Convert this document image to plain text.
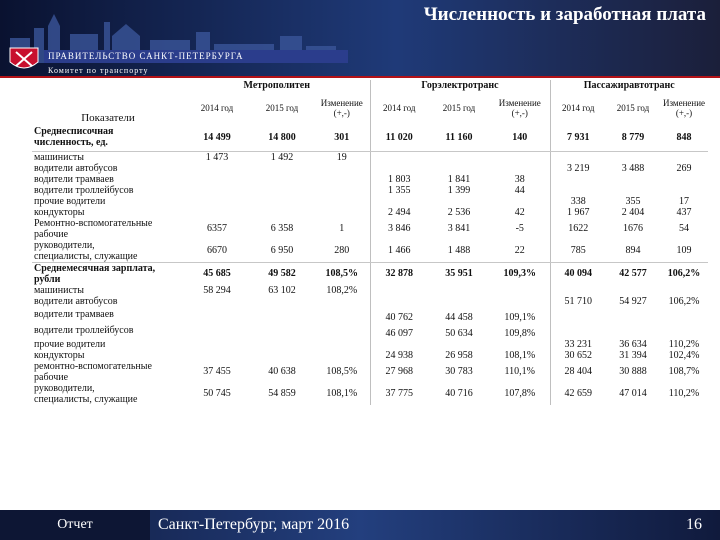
ПРАВИТЕЛЬСТВО САНКТ-ПЕТЕРБУРГА
Комитет по транспорту
Численность и заработная плата
	Метрополитен			Горэлектротранс			Пассажиравтотранс		
Показатели	2014 год	2015 год	Изменение (+,-)	2014 год	2015 год	Изменение (+,-)	2014 год	2015 год	Изменение (+,-)

Среднесписочная
численность, ед.	14 499	14 800	301	11 020	11 160	140	7 931	8 779	848

машинисты	1 473	1 492	19						

водители автобусов							3 219	3 488	269

водители трамваев				1 803	1 841	38			

водители троллейбусов				1 355	1 399	44			

прочие водители							338	355	17

кондукторы				2 494	2 536	42	1 967	2 404	437

Ремонтно-вспомогательные
рабочие	6357	6 358	1	3 846	3 841	-5	1622	1676	54

руководители,
специалисты, служащие	6670	6 950	280	1 466	1 488	22	785	894	109

Среднемесячная зарплата,
рубли	45 685	49 582	108,5%	32 878	35 951	109,3%	40 094	42 577	106,2%

машинисты	58 294	63 102	108,2%						

водители автобусов							51 710	54 927	106,2%

водители трамваев				40 762	44 458	109,1%			

водители троллейбусов				46 097	50 634	109,8%			

прочие водители							33 231	36 634	110,2%

кондукторы				24 938	26 958	108,1%	30 652	31 394	102,4%

ремонтно-вспомогательные
рабочие	37 455	40 638	108,5%	27 968	30 783	110,1%	28 404	30 888	108,7%

руководители,
специалисты, служащие	50 745	54 859	108,1%	37 775	40 716	107,8%	42 659	47 014	110,2%
Отчет	Санкт-Петербург, март 2016	16
